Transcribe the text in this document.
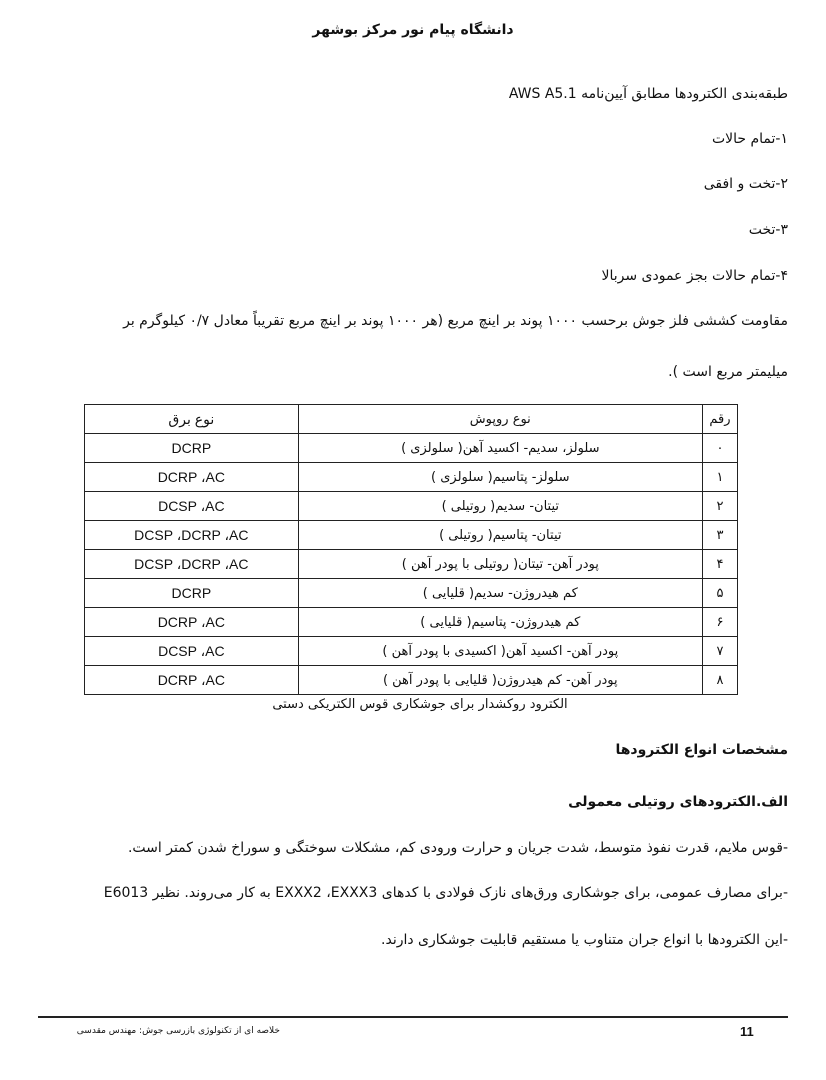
دانشگاه پیام نور مرکز بوشهر
طبقه‌بندی الکترودها مطابق آیین‌نامه AWS A5.1
۱-تمام حالات
۲-تخت و افقی
۳-تخت
۴-تمام حالات بجز عمودی سربالا
مقاومت کششی فلز جوش برحسب ۱۰۰۰ پوند بر اینچ مربع (هر ۱۰۰۰ پوند بر اینچ مربع تقریباً معادل ۰/۷ کیلوگرم بر
میلیمتر مربع است ).
رقم	نوع روپوش	نوع برق
۰	سلولز، سدیم- اکسید آهن( سلولزی )	DCRP
۱	سلولز- پتاسیم( سلولزی )	DCRP ،AC
۲	تیتان- سدیم( روتیلی )	DCSP ،AC
۳	تیتان- پتاسیم( روتیلی )	DCSP ،DCRP ،AC
۴	پودر آهن- تیتان( روتیلی با پودر آهن )	DCSP ،DCRP ،AC
۵	کم هیدروژن- سدیم( قلیایی )	DCRP
۶	کم هیدروژن- پتاسیم( قلیایی )	DCRP ،AC
۷	پودر آهن- اکسید آهن( اکسیدی با پودر آهن )	DCSP ،AC
۸	پودر آهن- کم هیدروژن( قلیایی با پودر آهن )	DCRP ،AC
الکترود روکشدار برای جوشکاری قوس الکتریکی دستی
مشخصات انواع الکترودها
الف.الکترودهای روتیلی معمولی
-قوس ملایم، قدرت نفوذ متوسط، شدت جریان و حرارت ورودی کم، مشکلات سوختگی و سوراخ شدن کمتر است.
-برای مصارف عمومی، برای جوشکاری ورق‌های نازک فولادی با کدهای EXXX2 ،EXXX3 به کار می‌روند. نظیر E6013
-این الکترودها با انواع جران متناوب یا مستقیم قابلیت جوشکاری دارند.
11
خلاصه ای از تکنولوژی بازرسی جوش: مهندس مقدسی
